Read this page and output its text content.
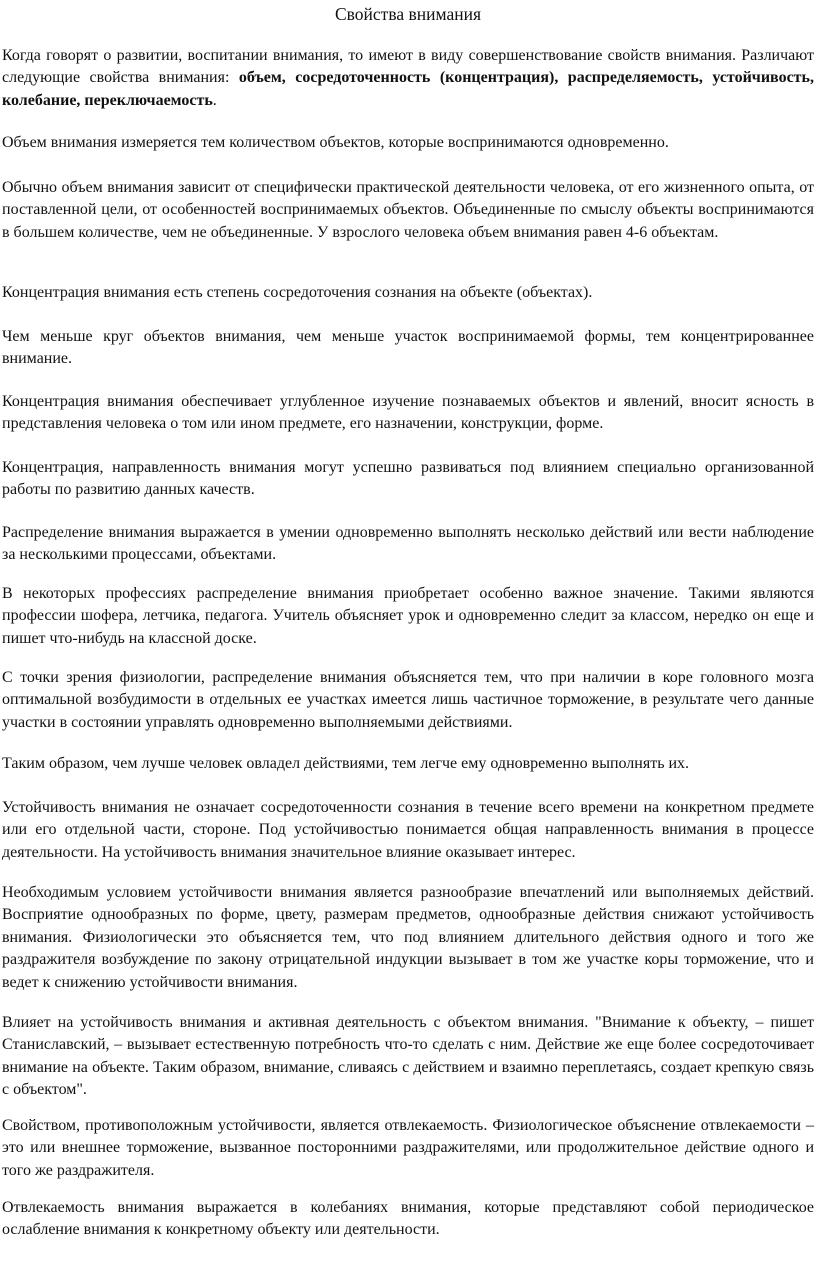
Свойства внимания

Когда говорят о развитии, воспитании внимания, то имеют в виду совершенствование свойств внимания. Различают следующие свойства внимания: объем, сосредоточенность (концентрация), распределяемость, устойчивость, колебание, переключаемость.

Объем внимания измеряется тем количеством объектов, которые воспринимаются одновременно.

Обычно объем внимания зависит от специфически практической деятельности человека, от его жизненного опыта, от поставленной цели, от особенностей воспринимаемых объектов. Объединенные по смыслу объекты воспринимаются в большем количестве, чем не объединенные. У взрослого человека объем внимания равен 4-6 объектам.

Концентрация внимания есть степень сосредоточения сознания на объекте (объектах).

Чем меньше круг объектов внимания, чем меньше участок воспринимаемой формы, тем концентрированнее внимание.

Концентрация внимания обеспечивает углубленное изучение познаваемых объектов и явлений, вносит ясность в представления человека о том или ином предмете, его назначении, конструкции, форме.

Концентрация, направленность внимания могут успешно развиваться под влиянием специально организованной работы по развитию данных качеств.

Распределение внимания выражается в умении одновременно выполнять несколько действий или вести наблюдение за несколькими процессами, объектами.

В некоторых профессиях распределение внимания приобретает особенно важное значение. Такими являются профессии шофера, летчика, педагога. Учитель объясняет урок и одновременно следит за классом, нередко он еще и пишет что-нибудь на классной доске.

С точки зрения физиологии, распределение внимания объясняется тем, что при наличии в коре головного мозга оптимальной возбудимости в отдельных ее участках имеется лишь частичное торможение, в результате чего данные участки в состоянии управлять одновременно выполняемыми действиями.

Таким образом, чем лучше человек овладел действиями, тем легче ему одновременно выполнять их.

Устойчивость внимания не означает сосредоточенности сознания в течение всего времени на конкретном предмете или его отдельной части, стороне. Под устойчивостью понимается общая направленность внимания в процессе деятельности. На устойчивость внимания значительное влияние оказывает интерес.

Необходимым условием устойчивости внимания является разнообразие впечатлений или выполняемых действий. Восприятие однообразных по форме, цвету, размерам предметов, однообразные действия снижают устойчивость внимания. Физиологически это объясняется тем, что под влиянием длительного действия одного и того же раздражителя возбуждение по закону отрицательной индукции вызывает в том же участке коры торможение, что и ведет к снижению устойчивости внимания.

Влияет на устойчивость внимания и активная деятельность с объектом внимания. "Внимание к объекту, – пишет Станиславский, – вызывает естественную потребность что-то сделать с ним. Действие же еще более сосредоточивает внимание на объекте. Таким образом, внимание, сливаясь с действием и взаимно переплетаясь, создает крепкую связь с объектом".

Свойством, противоположным устойчивости, является отвлекаемость. Физиологическое объяснение отвлекаемости – это или внешнее торможение, вызванное посторонними раздражителями, или продолжительное действие одного и того же раздражителя.

Отвлекаемость внимания выражается в колебаниях внимания, которые представляют собой периодическое ослабление внимания к конкретному объекту или деятельности.
